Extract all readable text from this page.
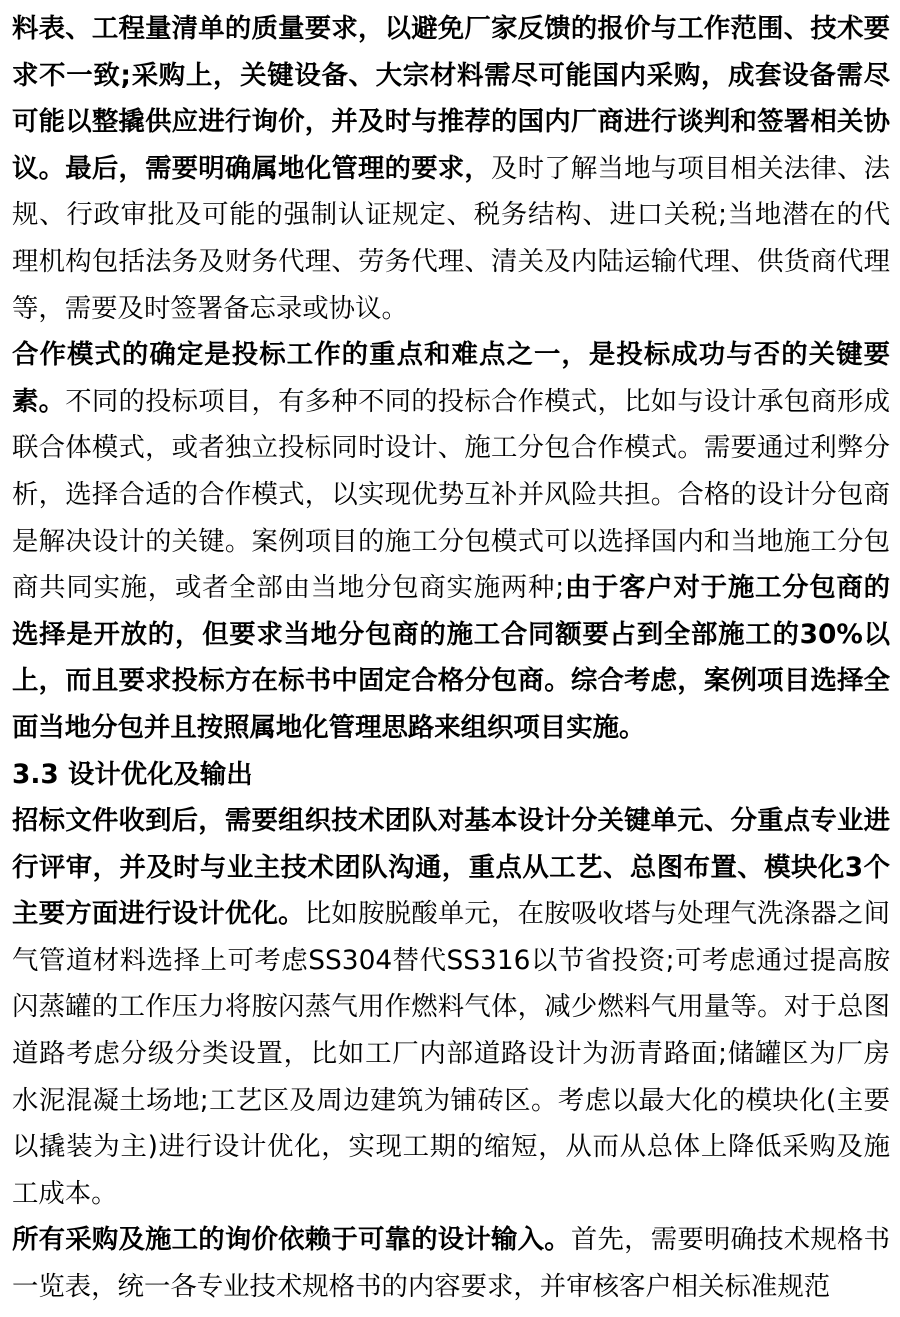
料表、工程量清单的质量要求，以避免厂家反馈的报价与工作范围、技术要求不一致;采购上，关键设备、大宗材料需尽可能国内采购，成套设备需尽可能以整撬供应进行询价，并及时与推荐的国内厂商进行谈判和签署相关协议。最后，需要明确属地化管理的要求，及时了解当地与项目相关法律、法规、行政审批及可能的强制认证规定、税务结构、进口关税;当地潜在的代理机构包括法务及财务代理、劳务代理、清关及内陆运输代理、供货商代理等，需要及时签署备忘录或协议。

合作模式的确定是投标工作的重点和难点之一，是投标成功与否的关键要素。不同的投标项目，有多种不同的投标合作模式，比如与设计承包商形成联合体模式，或者独立投标同时设计、施工分包合作模式。需要通过利弊分析，选择合适的合作模式，以实现优势互补并风险共担。合格的设计分包商是解决设计的关键。案例项目的施工分包模式可以选择国内和当地施工分包商共同实施，或者全部由当地分包商实施两种;由于客户对于施工分包商的选择是开放的，但要求当地分包商的施工合同额要占到全部施工的30%以上，而且要求投标方在标书中固定合格分包商。综合考虑，案例项目选择全面当地分包并且按照属地化管理思路来组织项目实施。

3.3 设计优化及输出

招标文件收到后，需要组织技术团队对基本设计分关键单元、分重点专业进行评审，并及时与业主技术团队沟通，重点从工艺、总图布置、模块化3个主要方面进行设计优化。比如胺脱酸单元，在胺吸收塔与处理气洗涤器之间气管道材料选择上可考虑SS304替代SS316以节省投资;可考虑通过提高胺闪蒸罐的工作压力将胺闪蒸气用作燃料气体，减少燃料气用量等。对于总图道路考虑分级分类设置，比如工厂内部道路设计为沥青路面;储罐区为厂房水泥混凝土场地;工艺区及周边建筑为铺砖区。考虑以最大化的模块化(主要以撬装为主)进行设计优化，实现工期的缩短，从而从总体上降低采购及施工成本。

所有采购及施工的询价依赖于可靠的设计输入。首先，需要明确技术规格书一览表，统一各专业技术规格书的内容要求，并审核客户相关标准规范
